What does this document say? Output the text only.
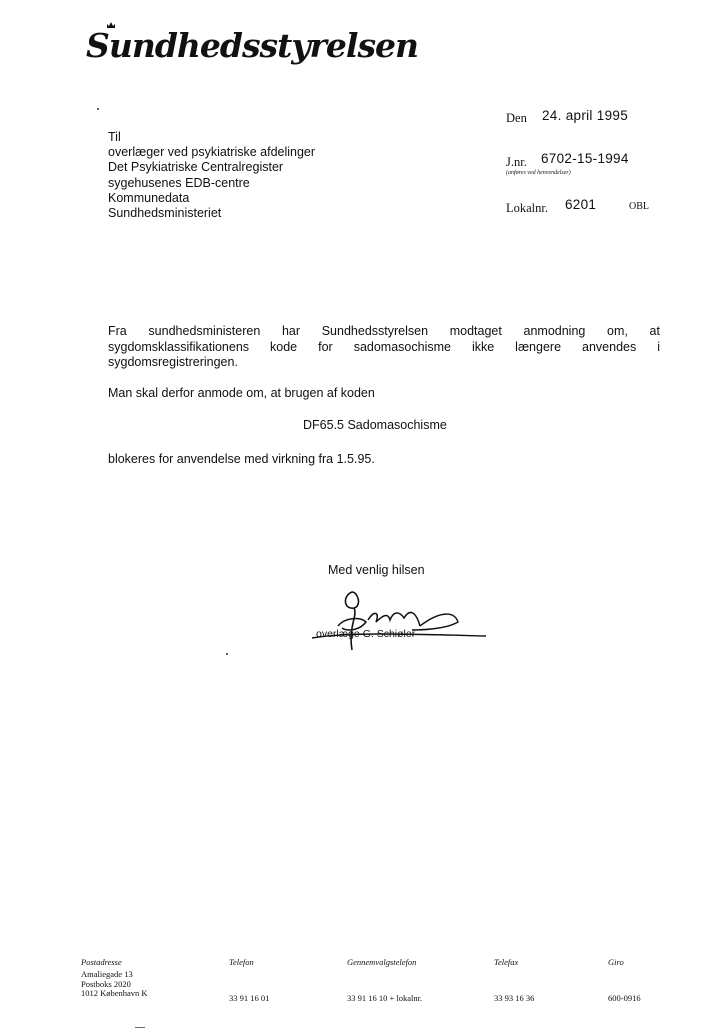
Sundhedsstyrelsen
Til
overlæger ved psykiatriske afdelinger
Det Psykiatriske Centralregister
sygehusenes EDB-centre
Kommunedata
Sundhedsministeriet
Den 24. april 1995
J.nr. 6702-15-1994
(anføres ved henvendelser)
Lokalnr. 6201	OBL
Fra sundhedsministeren har Sundhedsstyrelsen modtaget anmodning om, at
sygdomsklassifikationens kode for sadomasochisme ikke længere anvendes i
sygdomsregistreringen.
Man skal derfor anmode om, at brugen af koden
DF65.5 Sadomasochisme
blokeres for anvendelse med virkning fra 1.5.95.
Med venlig hilsen
overlæge G. Schiøler
Postadresse
Amaliegade 13
Postboks 2020
1012 København K
Telefon
33 91 16 01
Gennemvalgstelefon
33 91 16 10 + lokalnr.
Telefax
33 93 16 36
Giro
600-0916
